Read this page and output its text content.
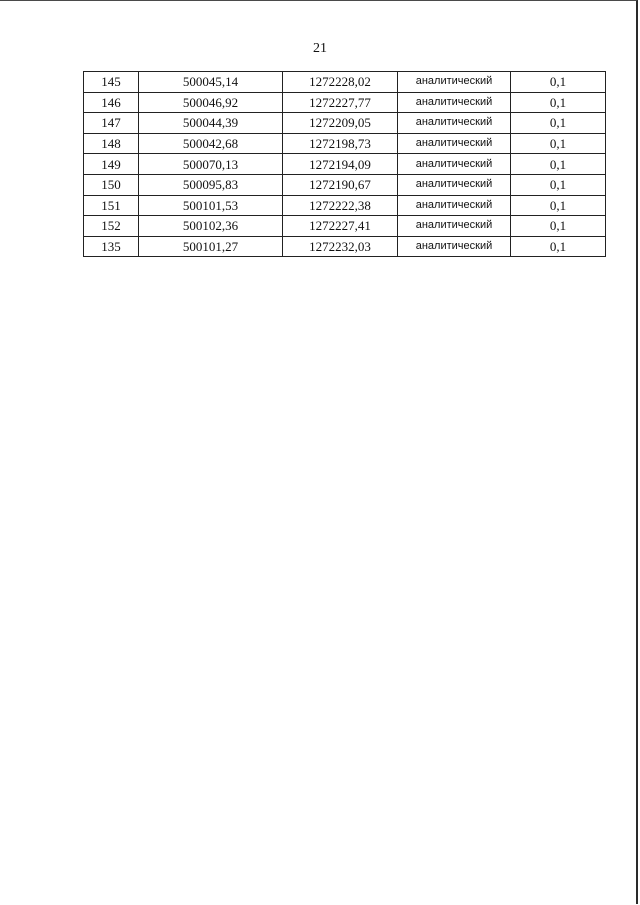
21
145	500045,14	1272228,02	аналитический	0,1
146	500046,92	1272227,77	аналитический	0,1
147	500044,39	1272209,05	аналитический	0,1
148	500042,68	1272198,73	аналитический	0,1
149	500070,13	1272194,09	аналитический	0,1
150	500095,83	1272190,67	аналитический	0,1
151	500101,53	1272222,38	аналитический	0,1
152	500102,36	1272227,41	аналитический	0,1
135	500101,27	1272232,03	аналитический	0,1
